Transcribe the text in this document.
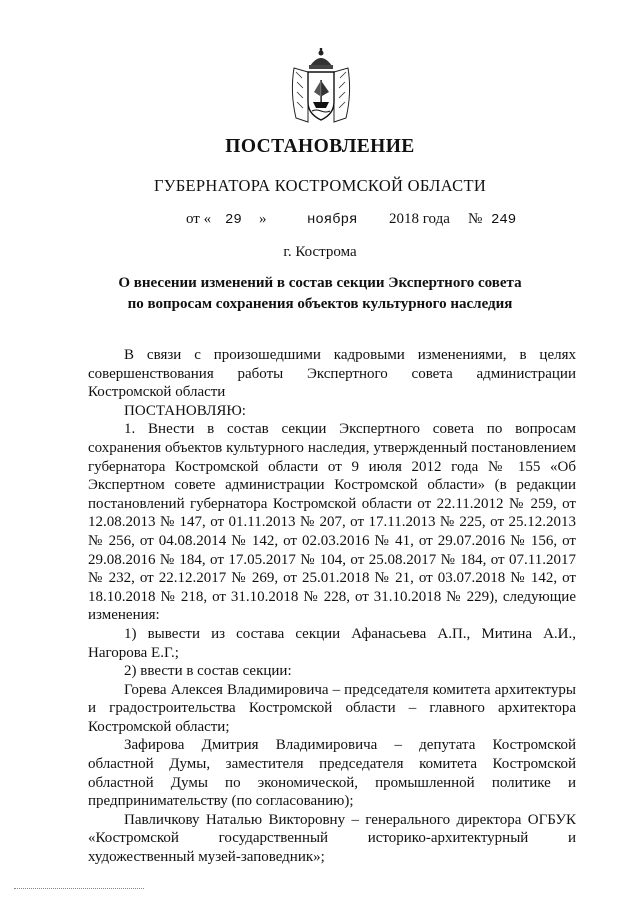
ПОСТАНОВЛЕНИЕ
ГУБЕРНАТОРА КОСТРОМСКОЙ ОБЛАСТИ
от « 29 »	ноября 2018 года № 249
г. Кострома
О внесении изменений в состав секции Экспертного совета
по вопросам сохранения объектов культурного наследия

В связи с произошедшими кадровыми изменениями, в целях совершенствования работы Экспертного совета администрации Костромской области

ПОСТАНОВЛЯЮ:

1. Внести в состав секции Экспертного совета по вопросам сохранения объектов культурного наследия, утвержденный постановлением губернатора Костромской области от 9 июля 2012 года № 155 «Об Экспертном совете администрации Костромской области» (в редакции постановлений губернатора Костромской области от 22.11.2012 № 259, от 12.08.2013 № 147, от 01.11.2013 № 207, от 17.11.2013 № 225, от 25.12.2013 № 256, от 04.08.2014 № 142, от 02.03.2016 № 41, от 29.07.2016 № 156, от 29.08.2016 № 184, от 17.05.2017 № 104, от 25.08.2017 № 184, от 07.11.2017 № 232, от 22.12.2017 № 269, от 25.01.2018 № 21, от 03.07.2018 № 142, от 18.10.2018 № 218, от 31.10.2018 № 228, от 31.10.2018 № 229), следующие изменения:

1) вывести из состава секции Афанасьева А.П., Митина А.И., Нагорова Е.Г.;

2) ввести в состав секции:

Горева Алексея Владимировича – председателя комитета архитектуры и градостроительства Костромской области – главного архитектора Костромской области;

Зафирова Дмитрия Владимировича – депутата Костромской областной Думы, заместителя председателя комитета Костромской областной Думы по экономической, промышленной политике и предпринимательству (по согласованию);

Павличкову Наталью Викторовну – генерального директора ОГБУК «Костромской государственный историко-архитектурный и художественный музей-заповедник»;
